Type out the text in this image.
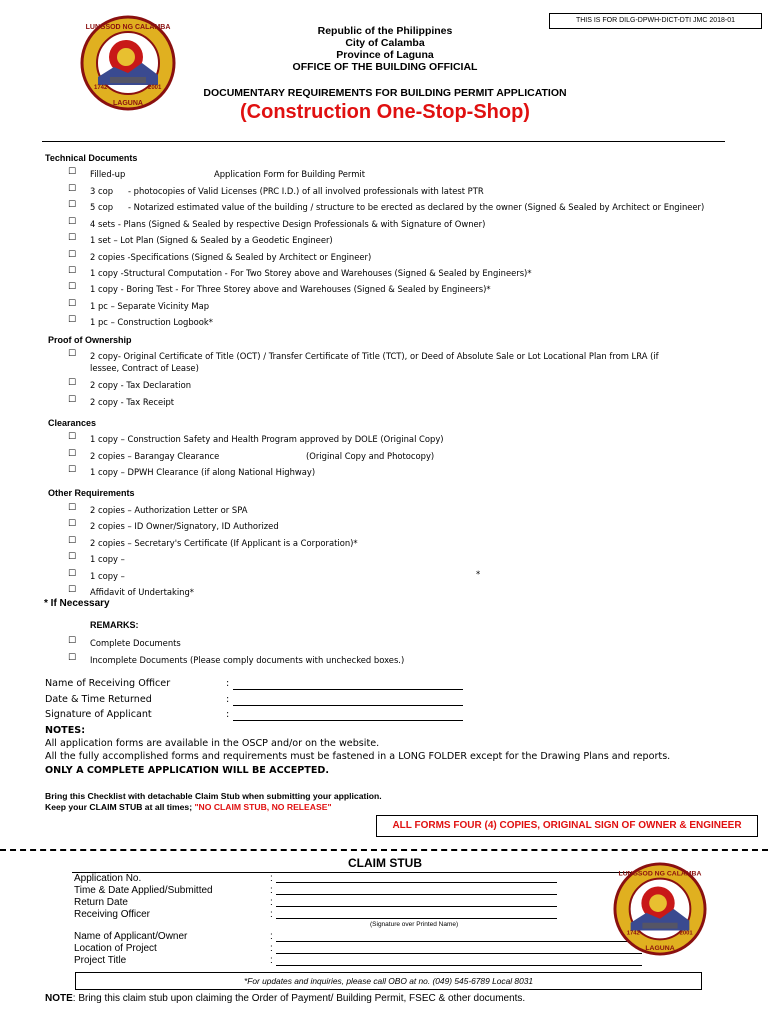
LUNGSOD NG CALAMBA
LAGUNA
1742	2001
THIS IS FOR DILG-DPWH-DICT-DTI JMC 2018-01
Republic of the Philippines
City of Calamba
Province of Laguna
OFFICE OF THE BUILDING OFFICIAL
DOCUMENTARY REQUIREMENTS FOR BUILDING PERMIT APPLICATION
(Construction One-Stop-Shop)
Technical Documents
☐ Filled-up	Application Form for Building Permit
☐ 3 cop - photocopies of Valid Licenses (PRC I.D.) of all involved professionals with latest PTR
☐ 5 cop - Notarized estimated value of the building / structure to be erected as declared by the owner (Signed & Sealed by Architect or Engineer)
☐ 4 sets - Plans (Signed & Sealed by respective Design Professionals & with Signature of Owner)
☐ 1 set – Lot Plan (Signed & Sealed by a Geodetic Engineer)
☐ 2 copies -Specifications (Signed & Sealed by Architect or Engineer)
☐ 1 copy -Structural Computation - For Two Storey above and Warehouses (Signed & Sealed by Engineers)*
☐ 1 copy - Boring Test - For Three Storey above and Warehouses (Signed & Sealed by Engineers)*
☐ 1 pc – Separate Vicinity Map
☐ 1 pc – Construction Logbook*
Proof of Ownership
☐ 2 copy- Original Certificate of Title (OCT) / Transfer Certificate of Title (TCT), or Deed of Absolute Sale or Lot Locational Plan from LRA (if
lessee, Contract of Lease)
☐ 2 copy - Tax Declaration
☐ 2 copy - Tax Receipt
Clearances
☐ 1 copy – Construction Safety and Health Program approved by DOLE (Original Copy)
☐ 2 copies – Barangay Clearance	(Original Copy and Photocopy)
☐ 1 copy – DPWH Clearance (if along National Highway)
Other Requirements
☐ 2 copies – Authorization Letter or SPA
☐ 2 copies – ID Owner/Signatory, ID Authorized
☐ 2 copies – Secretary's Certificate (If Applicant is a Corporation)*
☐ 1 copy –
☐ 1 copy –	*
☐ Affidavit of Undertaking*
* If Necessary
REMARKS:
☐ Complete Documents
☐ Incomplete Documents (Please comply documents with unchecked boxes.)
Name of Receiving Officer	:
Date & Time Returned	:
Signature of Applicant	:
NOTES:
All application forms are available in the OSCP and/or on the website.
All the fully accomplished forms and requirements must be fastened in a LONG FOLDER except for the Drawing Plans and reports.
ONLY A COMPLETE APPLICATION WILL BE ACCEPTED.
Bring this Checklist with detachable Claim Stub when submitting your application.
Keep your CLAIM STUB at all times; "NO CLAIM STUB, NO RELEASE"
ALL FORMS FOUR (4) COPIES, ORIGINAL SIGN OF OWNER & ENGINEER
CLAIM STUB
Application No.	:
Time & Date Applied/Submitted	:
Return Date	:
Receiving Officer	:
(Signature over Printed Name)
Name of Applicant/Owner	:
Location of Project	:
Project Title	:
LUNGSOD NG CALAMBA
LAGUNA
1742	2001
*For updates and inquiries, please call OBO at no. (049) 545-6789 Local 8031
NOTE: Bring this claim stub upon claiming the Order of Payment/ Building Permit, FSEC & other documents.
